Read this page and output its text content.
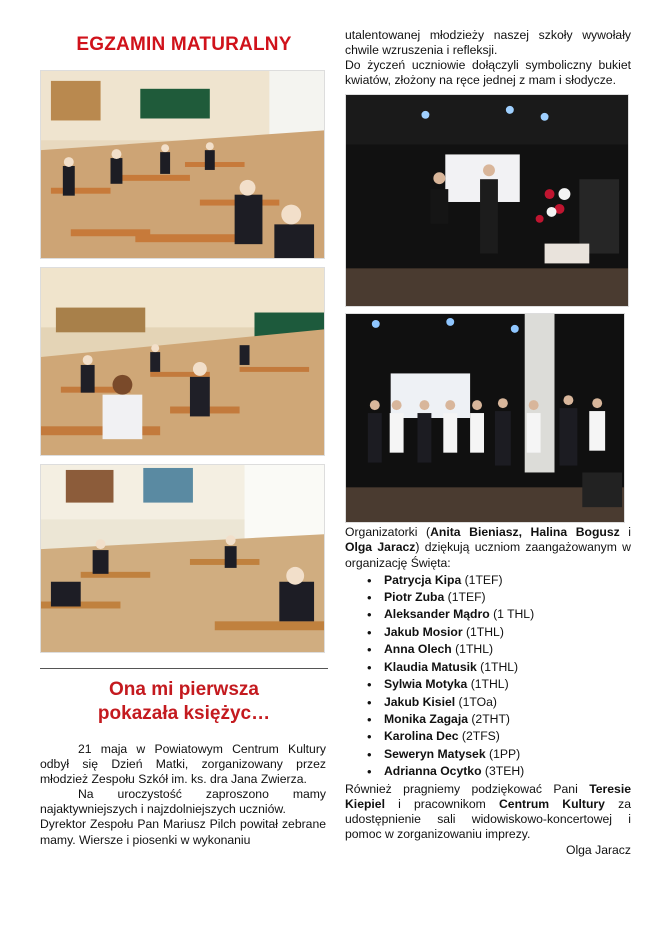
EGZAMIN MATURALNY
Ona mi pierwsza
pokazała księżyc…

21 maja w Powiatowym Centrum Kultury odbył się Dzień Matki, zorganizowany przez młodzież Zespołu Szkół im. ks. dra Jana Zwierza.

Na uroczystość zaproszono mamy najaktywniejszych i najzdolniejszych uczniów.

Dyrektor Zespołu Pan Mariusz Pilch powitał zebrane mamy. Wiersze i piosenki w wykonaniu

utalentowanej młodzieży naszej szkoły wywołały chwile wzruszenia i refleksji.

Do życzeń uczniowie dołączyli symboliczny bukiet kwiatów, złożony na ręce jednej z mam i słodycze.

Organizatorki (Anita Bieniasz, Halina Bogusz i Olga Jaracz) dziękują uczniom zaangażowanym w organizację Święta:

• Patrycja Kipa (1TEF)
• Piotr Zuba (1TEF)
• Aleksander Mądro (1 THL)
• Jakub Mosior (1THL)
• Anna Olech (1THL)
• Klaudia Matusik (1THL)
• Sylwia Motyka (1THL)
• Jakub Kisiel (1TOa)
• Monika Zagaja (2THT)
• Karolina Dec (2TFS)
• Seweryn Matysek (1PP)
• Adrianna Ocytko (3TEH)

Również pragniemy podziękować Pani Teresie Kiepiel i pracownikom Centrum Kultury za udostępnienie sali widowiskowo-koncertowej i pomoc w zorganizowaniu imprezy.

Olga Jaracz
